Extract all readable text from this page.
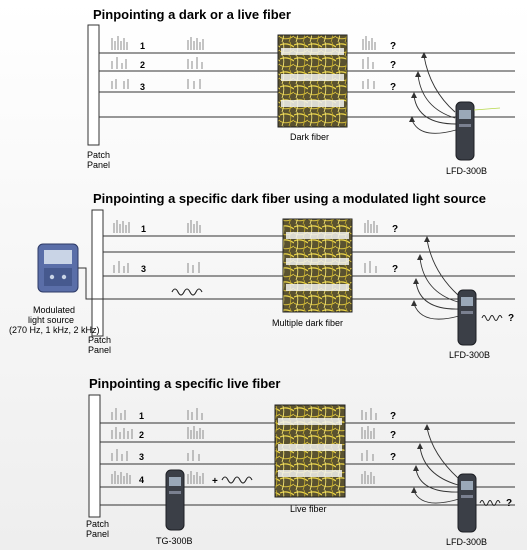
Pinpointing a dark or a live fiber
Patch
Panel
1
2
3
?
?
?
Dark fiber
LFD-300B
Pinpointing a specific dark fiber using a modulated light source
Patch
Panel
Modulated
light source
(270 Hz, 1 kHz, 2 kHz)
1
3
?
?
Multiple dark fiber	?
LFD-300B
Pinpointing a specific live fiber
Patch
Panel
1
2
3
4
?
?
?
+
TG-300B
Live fiber	?
LFD-300B
